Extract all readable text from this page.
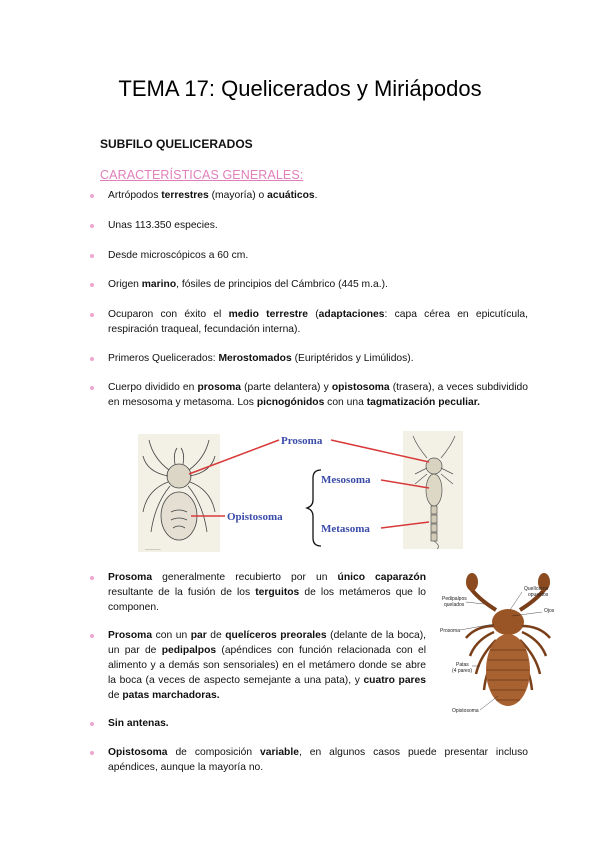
TEMA 17: Quelicerados y Miriápodos
SUBFILO QUELICERADOS
CARACTERÍSTICAS GENERALES:
Artrópodos terrestres (mayoría) o acuáticos.
Unas 113.350 especies.
Desde microscópicos a 60 cm.
Origen marino, fósiles de principios del Cámbrico (445 m.a.).
Ocuparon con éxito el medio terrestre (adaptaciones: capa cérea en epicutícula, respiración traqueal, fecundación interna).
Primeros Quelicerados: Merostomados (Euriptéridos y Limúlidos).
Cuerpo dividido en prosoma (parte delantera) y opistosoma (trasera), a veces subdividido en mesosoma y metasoma. Los picnogónidos con una tagmatización peculiar.
_______
Prosoma
Mesosoma
Metasoma
Opistosoma
Prosoma generalmente recubierto por un único caparazón resultante de la fusión de los terguitos de los metámeros que lo componen.
Prosoma con un par de quelíceros preorales (delante de la boca), un par de pedipalpos (apéndices con función relacionada con el alimento y a demás son sensoriales) en el metámero donde se abre la boca (a veces de aspecto semejante a una pata), y cuatro pares de patas marchadoras.
Quelíceros
opuestos
Pedipalpos
quelados
Ojos
Prosoma
Patas
(4 pares)
Opistosoma
Sin antenas.
Opistosoma de composición variable, en algunos casos puede presentar incluso apéndices, aunque la mayoría no.
